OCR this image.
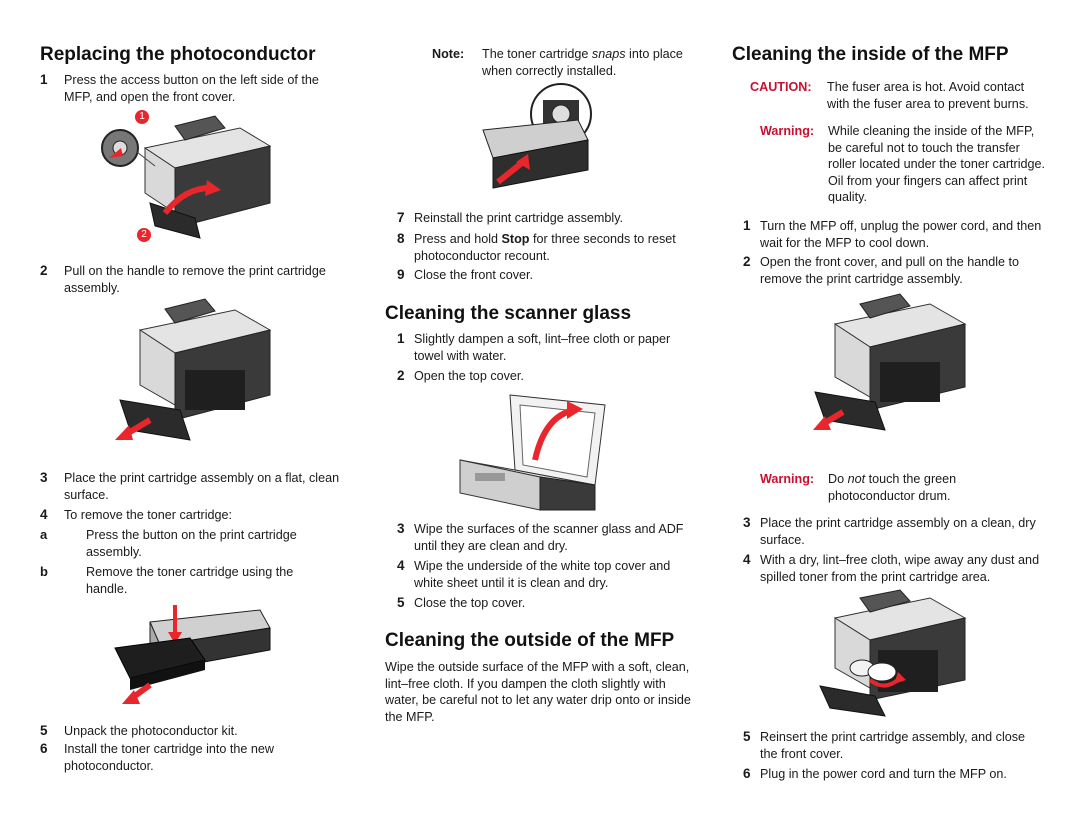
Replacing the photoconductor
1 Press the access button on the left side of the MFP, and open the front cover.
1
2
2 Pull on the handle to remove the print cartridge assembly.
3 Place the print cartridge assembly on a flat, clean surface.
4 To remove the toner cartridge:
a	Press the button on the print cartridge assembly.
b	Remove the toner cartridge using the handle.
5 Unpack the photoconductor kit.
6 Install the toner cartridge into the new photoconductor.
Note: The toner cartridge snaps into place when correctly installed.
7 Reinstall the print cartridge assembly.
8 Press and hold Stop for three seconds to reset photoconductor recount.
9 Close the front cover.
Cleaning the scanner glass
1 Slightly dampen a soft, lint–free cloth or paper towel with water.
2 Open the top cover.
3 Wipe the surfaces of the scanner glass and ADF until they are clean and dry.
4 Wipe the underside of the white top cover and white sheet until it is clean and dry.
5 Close the top cover.
Cleaning the outside of the MFP
Wipe the outside surface of the MFP with a soft, clean, lint–free cloth. If you dampen the cloth slightly with water, be careful not to let any water drip onto or inside the MFP.
Cleaning the inside of the MFP
CAUTION: The fuser area is hot. Avoid contact with the fuser area to prevent burns.
Warning: While cleaning the inside of the MFP, be careful not to touch the transfer roller located under the toner cartridge. Oil from your fingers can affect print quality.
1 Turn the MFP off, unplug the power cord, and then wait for the MFP to cool down.
2 Open the front cover, and pull on the handle to remove the print cartridge assembly.
Warning: Do not touch the green photoconductor drum.
3 Place the print cartridge assembly on a clean, dry surface.
4 With a dry, lint–free cloth, wipe away any dust and spilled toner from the print cartridge area.
5 Reinsert the print cartridge assembly, and close the front cover.
6 Plug in the power cord and turn the MFP on.
